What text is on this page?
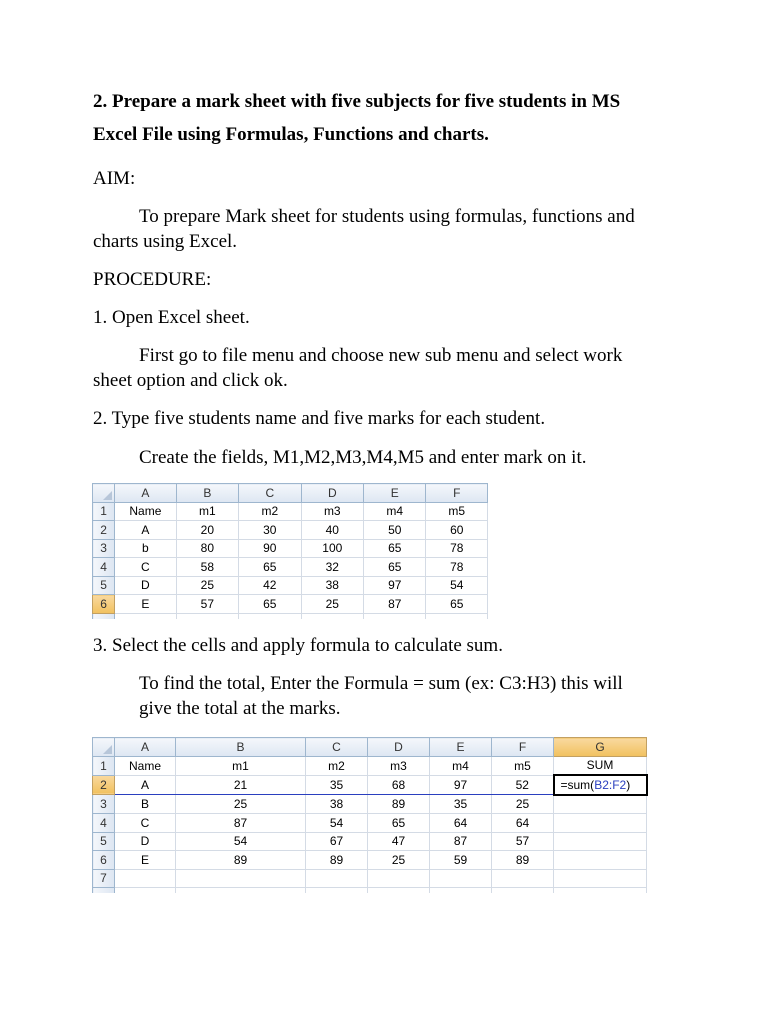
2. Prepare a mark sheet with five subjects for five students in MS
Excel File using Formulas, Functions and charts.
AIM:
To prepare Mark sheet for students using formulas, functions and
charts using Excel.
PROCEDURE:
1. Open Excel sheet.
First go to file menu and choose new sub menu and select work
sheet option and click ok.
2. Type five students name and five marks for each student.
Create the fields, M1,M2,M3,M4,M5 and enter mark on it.
	A	B	C	D	E	F
1	Name	m1	m2	m3	m4	m5
2	A	20	30	40	50	60
3	b	80	90	100	65	78
4	C	58	65	32	65	78
5	D	25	42	38	97	54
6	E	57	65	25	87	65

3. Select the cells and apply formula to calculate sum.
To find the total, Enter the Formula = sum (ex: C3:H3) this will
give the total at the marks.
	A	B	C	D	E	F	G
1	Name	m1	m2	m3	m4	m5	SUM
2	A	21	35	68	97	52	=sum(B2:F2)
3	B	25	38	89	35	25	
4	C	87	54	65	64	64	
5	D	54	67	47	87	57	
6	E	89	89	25	59	89	
7							
